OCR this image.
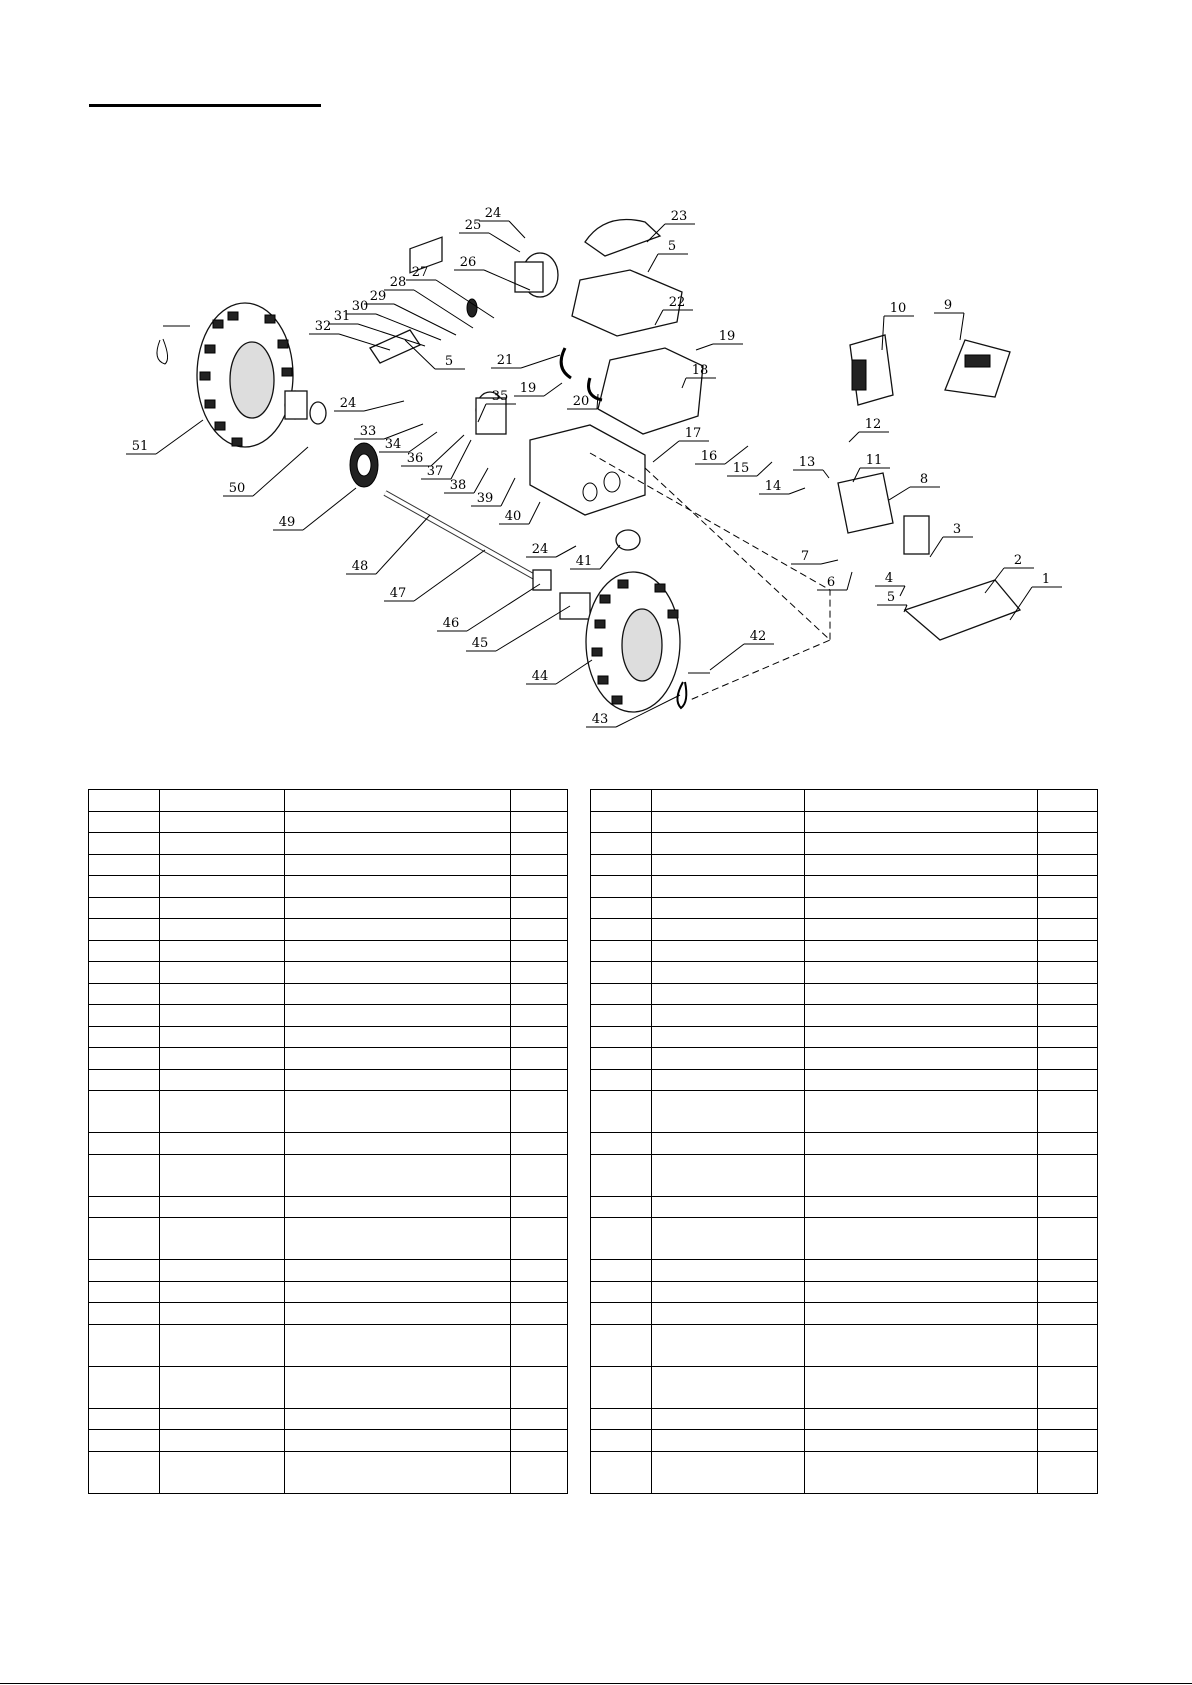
1
2
3
4
5
6
7
8
9
10
11
12
13
14
15
16
17
18
19
19
20
21
22
23
24
24
24
25
26
27
28
29
30
31
32
33
34
35
36
37
38
39
40
41
42
43
44
45
46
47
48
49
50
51
5
5
